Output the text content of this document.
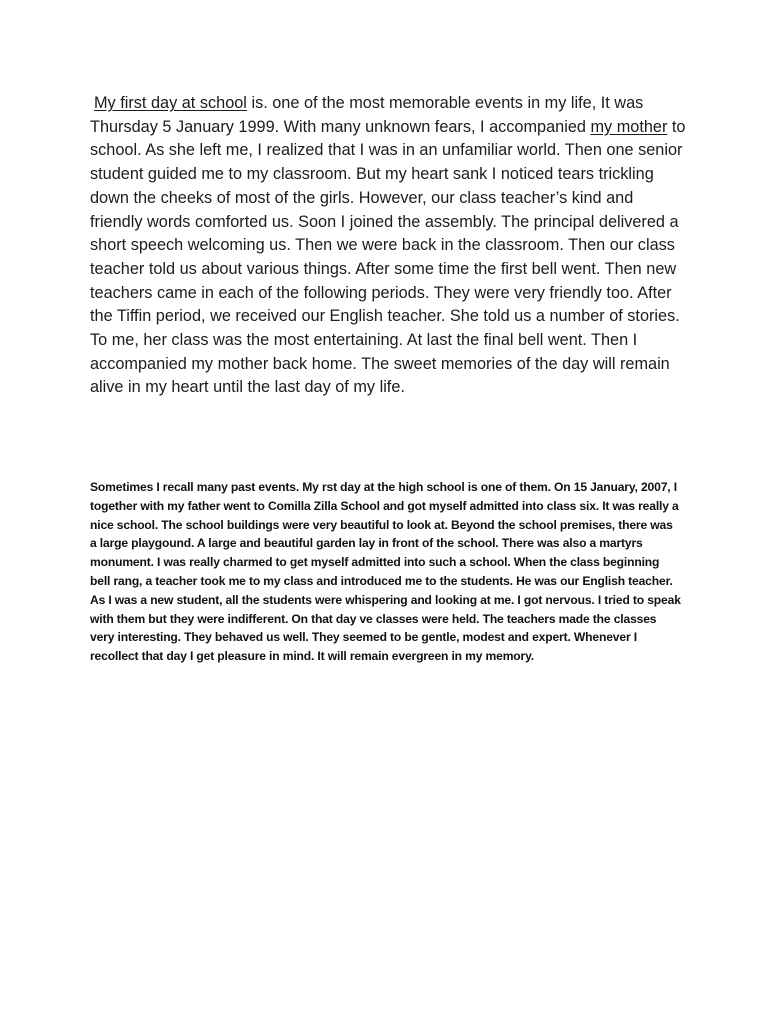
My first day at school is. one of the most memorable events in my life, It was Thursday 5 January 1999. With many unknown fears, I accompanied my mother to school. As she left me, I realized that I was in an unfamiliar world. Then one senior student guided me to my classroom. But my heart sank I noticed tears trickling down the cheeks of most of the girls. However, our class teacher’s kind and friendly words comforted us. Soon I joined the assembly. The principal delivered a short speech welcoming us. Then we were back in the classroom. Then our class teacher told us about various things. After some time the first bell went. Then new teachers came in each of the following periods. They were very friendly too. After the Tiffin period, we received our English teacher. She told us a number of stories. To me, her class was the most entertaining. At last the final bell went. Then I accompanied my mother back home. The sweet memories of the day will remain alive in my heart until the last day of my life.

Sometimes I recall many past events. My rst day at the high school is one of them. On 15 January, 2007, I together with my father went to Comilla Zilla School and got myself admitted into class six. It was really a nice school. The school buildings were very beautiful to look at. Beyond the school premises, there was a large playgound. A large and beautiful garden lay in front of the school. There was also a martyrs monument. I was really charmed to get myself admitted into such a school. When the class beginning bell rang, a teacher took me to my class and introduced me to the students. He was our English teacher. As I was a new student, all the students were whispering and looking at me. I got nervous. I tried to speak with them but they were indifferent. On that day ve classes were held. The teachers made the classes very interesting. They behaved us well. They seemed to be gentle, modest and expert. Whenever I recollect that day I get pleasure in mind. It will remain evergreen in my memory.
